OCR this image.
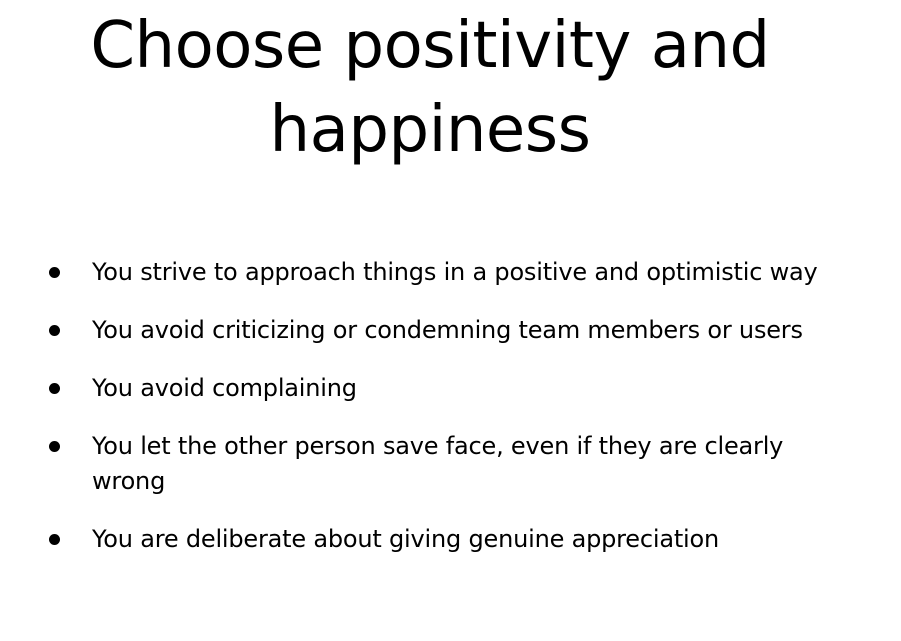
Choose positivity and happiness
You strive to approach things in a positive and optimistic way
You avoid criticizing or condemning team members or users
You avoid complaining
You let the other person save face, even if they are clearly wrong
You are deliberate about giving genuine appreciation
